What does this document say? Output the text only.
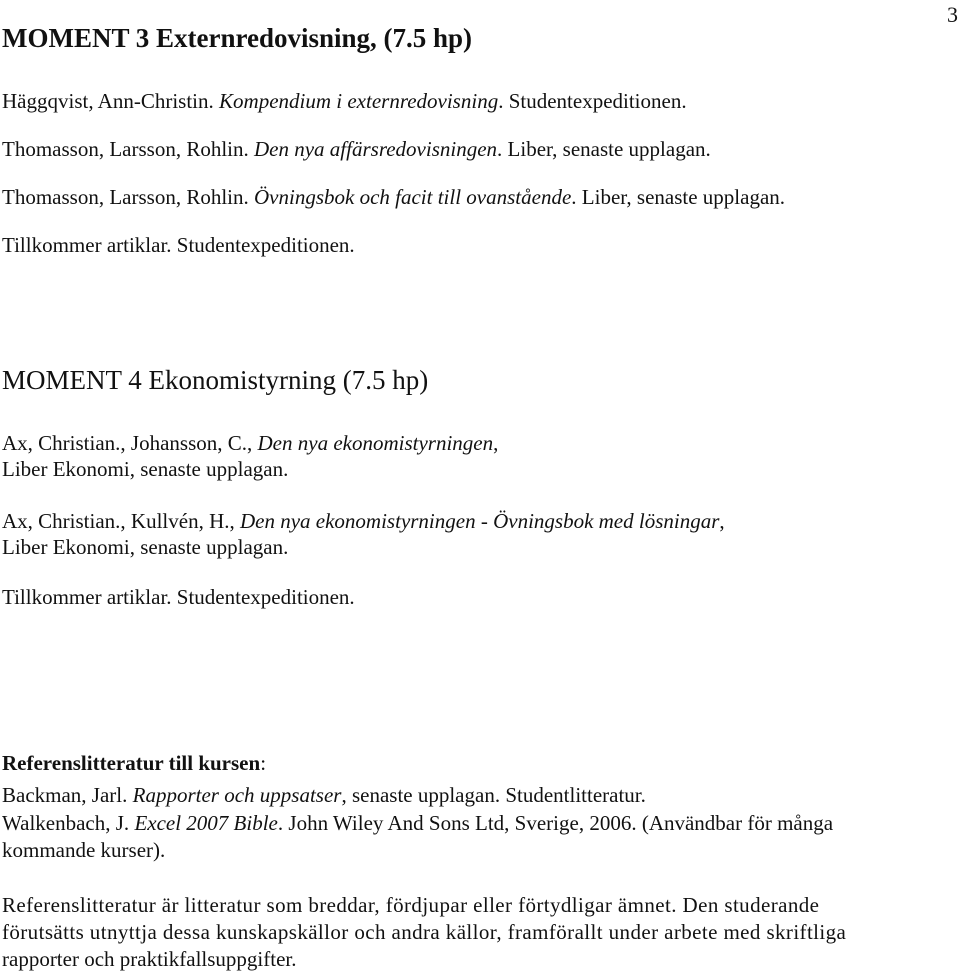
3
MOMENT 3 Externredovisning, (7.5 hp)
Häggqvist, Ann-Christin. Kompendium i externredovisning. Studentexpeditionen.
Thomasson, Larsson, Rohlin. Den nya affärsredovisningen. Liber, senaste upplagan.
Thomasson, Larsson, Rohlin. Övningsbok och facit till ovanstående. Liber, senaste upplagan.
Tillkommer artiklar. Studentexpeditionen.
MOMENT 4 Ekonomistyrning (7.5 hp)
Ax, Christian., Johansson, C., Den nya ekonomistyrningen,
Liber Ekonomi, senaste upplagan.
Ax, Christian., Kullvén, H., Den nya ekonomistyrningen - Övningsbok med lösningar,
Liber Ekonomi, senaste upplagan.
Tillkommer artiklar. Studentexpeditionen.
Referenslitteratur till kursen:
Backman, Jarl. Rapporter och uppsatser, senaste upplagan. Studentlitteratur.
Walkenbach, J. Excel 2007 Bible. John Wiley And Sons Ltd, Sverige, 2006. (Användbar för många
kommande kurser).
Referenslitteratur är litteratur som breddar, fördjupar eller förtydligar ämnet. Den studerande
förutsätts utnyttja dessa kunskapskällor och andra källor, framförallt under arbete med skriftliga
rapporter och praktikfallsuppgifter.
